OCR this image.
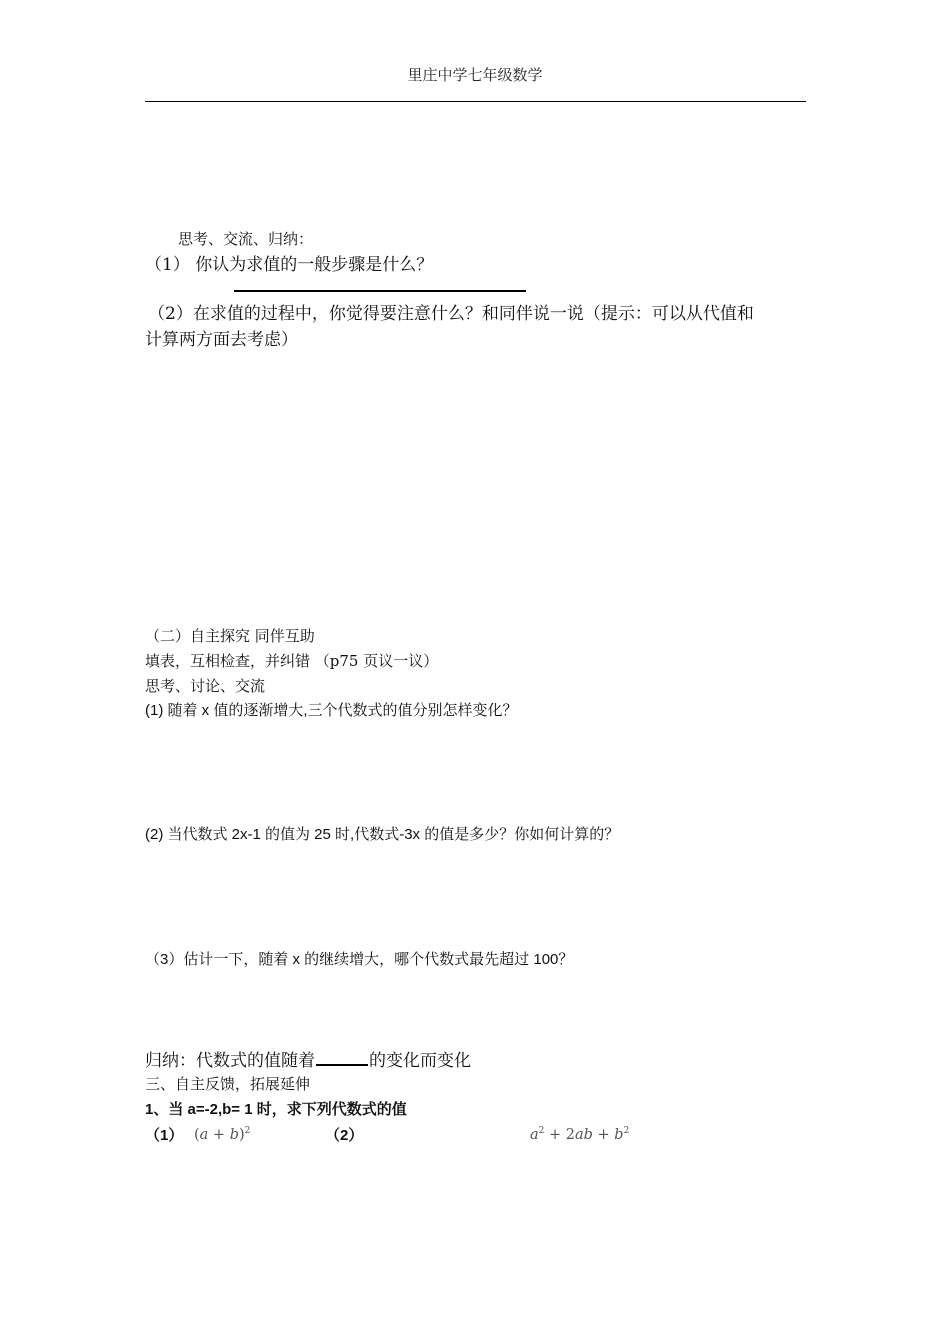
里庄中学七年级数学
思考、交流、归纳：
（1） 你认为求值的一般步骤是什么？
（2）在求值的过程中，你觉得要注意什么？和同伴说一说（提示：可以从代值和
计算两方面去考虑）
（二）自主探究 同伴互助
填表，互相检查，并纠错 （p75 页议一议）
思考、讨论、交流
(1) 随着 x 值的逐渐增大,三个代数式的值分别怎样变化？
(2) 当代数式 2x-1 的值为 25 时,代数式-3x 的值是多少？你如何计算的？
（3）估计一下，随着 x 的继续增大，哪个代数式最先超过 100？
归纳：代数式的值随着	的变化而变化
三、自主反馈，拓展延伸
1、当 a=-2,b= 1 时，求下列代数式的值
（1） $(a + b)^2$	（2）	$a^2 + 2ab + b^2$
